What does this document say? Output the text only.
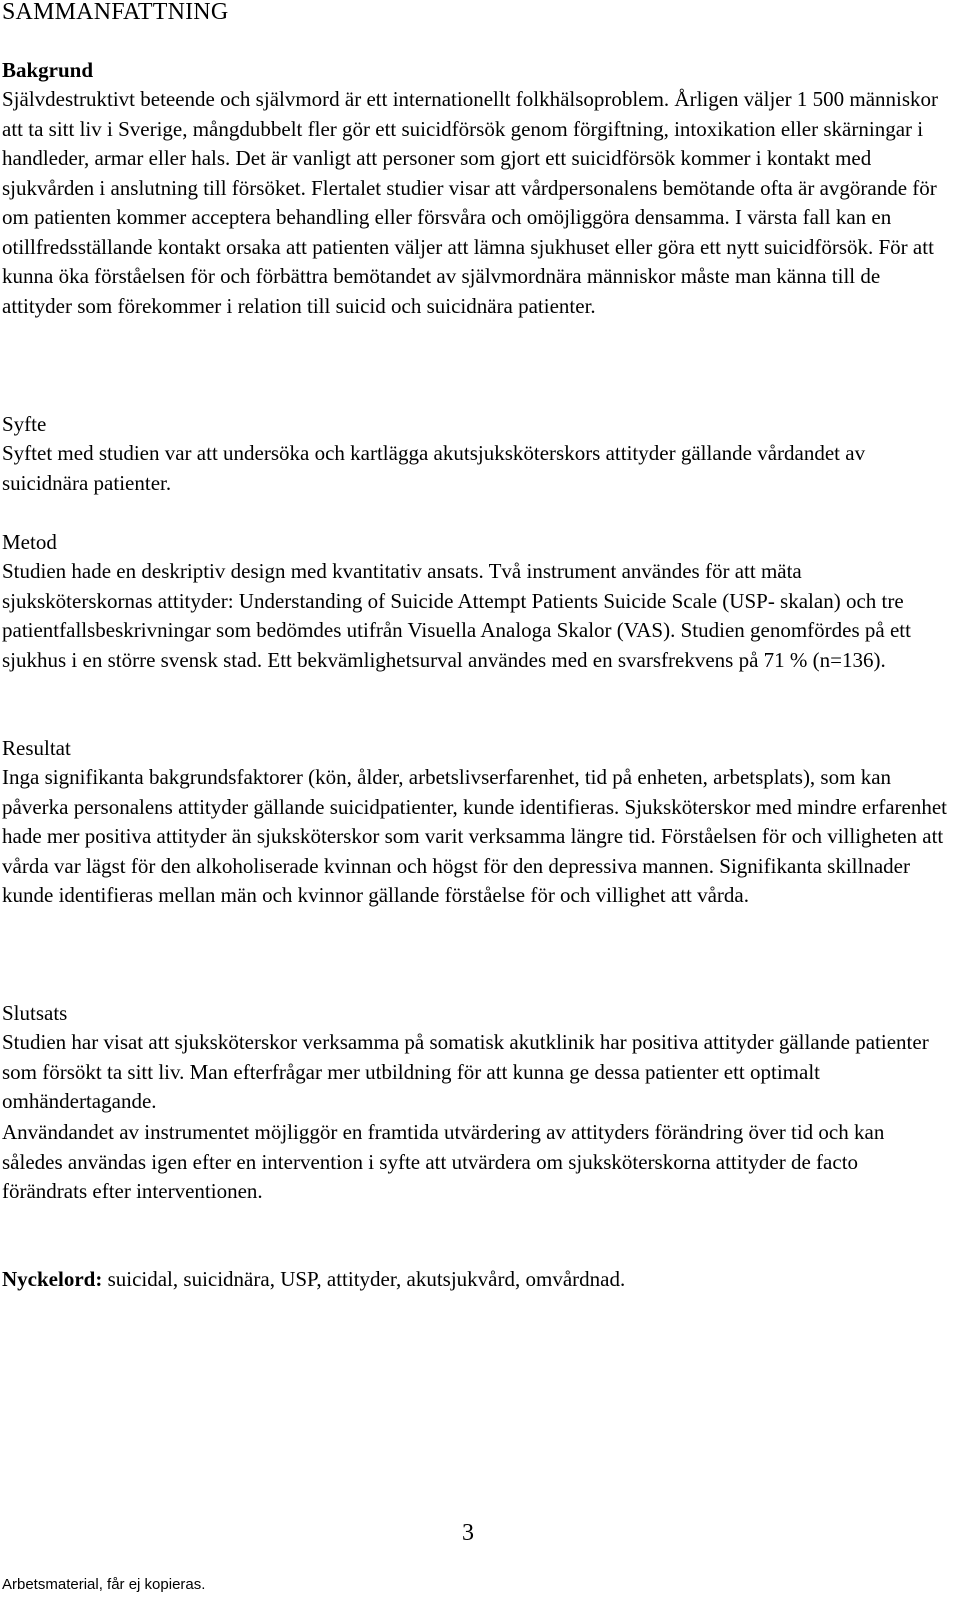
SAMMANFATTNING
Bakgrund

Självdestruktivt beteende och självmord är ett internationellt folkhälsoproblem. Årligen väljer 1 500 människor att ta sitt liv i Sverige, mångdubbelt fler gör ett suicidförsök genom förgiftning, intoxikation eller skärningar i handleder, armar eller hals. Det är vanligt att personer som gjort ett suicidförsök kommer i kontakt med sjukvården i anslutning till försöket. Flertalet studier visar att vårdpersonalens bemötande ofta är avgörande för om patienten kommer acceptera behandling eller försvåra och omöjliggöra densamma. I värsta fall kan en otillfredsställande kontakt orsaka att patienten väljer att lämna sjukhuset eller göra ett nytt suicidförsök. För att kunna öka förståelsen för och förbättra bemötandet av självmordnära människor måste man känna till de attityder som förekommer i relation till suicid och suicidnära patienter.

Syfte

Syftet med studien var att undersöka och kartlägga akutsjuksköterskors attityder gällande vårdandet av suicidnära patienter.

Metod

Studien hade en deskriptiv design med kvantitativ ansats. Två instrument användes för att mäta sjuksköterskornas attityder: Understanding of Suicide Attempt Patients Suicide Scale (USP- skalan) och tre patientfallsbeskrivningar som bedömdes utifrån Visuella Analoga Skalor (VAS). Studien genomfördes på ett sjukhus i en större svensk stad. Ett bekvämlighetsurval användes med en svarsfrekvens på 71 % (n=136).

Resultat

Inga signifikanta bakgrundsfaktorer (kön, ålder, arbetslivserfarenhet, tid på enheten, arbetsplats), som kan påverka personalens attityder gällande suicidpatienter, kunde identifieras. Sjuksköterskor med mindre erfarenhet hade mer positiva attityder än sjuksköterskor som varit verksamma längre tid. Förståelsen för och villigheten att vårda var lägst för den alkoholiserade kvinnan och högst för den depressiva mannen. Signifikanta skillnader kunde identifieras mellan män och kvinnor gällande förståelse för och villighet att vårda.

Slutsats

Studien har visat att sjuksköterskor verksamma på somatisk akutklinik har positiva attityder gällande patienter som försökt ta sitt liv. Man efterfrågar mer utbildning för att kunna ge dessa patienter ett optimalt omhändertagande.

Användandet av instrumentet möjliggör en framtida utvärdering av attityders förändring över tid och kan således användas igen efter en intervention i syfte att utvärdera om sjuksköterskorna attityder de facto förändrats efter interventionen.

Nyckelord: suicidal, suicidnära, USP, attityder, akutsjukvård, omvårdnad.

3
Arbetsmaterial, får ej kopieras.
